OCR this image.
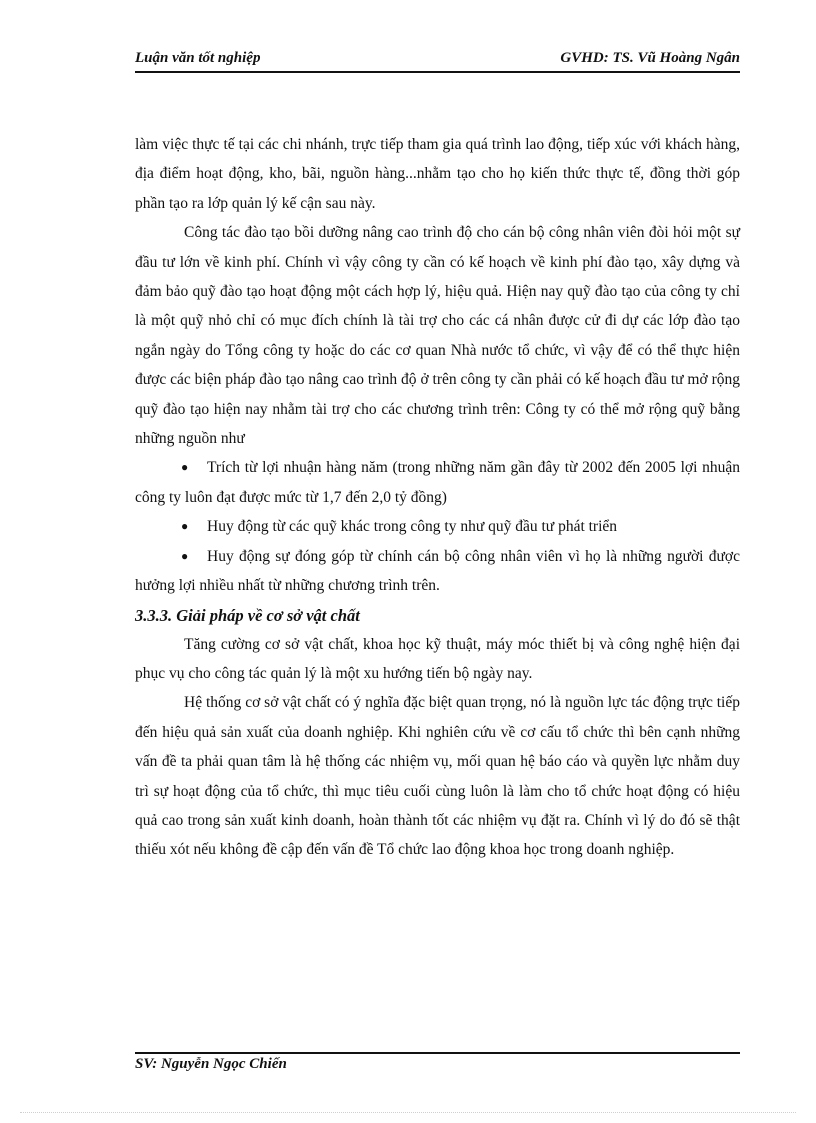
Luận văn tốt nghiệp	GVHD: TS. Vũ Hoàng Ngân

làm việc thực tế tại các chi nhánh, trực tiếp tham gia quá trình lao động, tiếp xúc với khách hàng, địa điểm hoạt động, kho, bãi, nguồn hàng...nhằm tạo cho họ kiến thức thực tế, đồng thời góp phần tạo ra lớp quản lý kế cận sau này.

Công tác đào tạo bồi dưỡng nâng cao trình độ cho cán bộ công nhân viên đòi hỏi một sự đầu tư lớn về kinh phí. Chính vì vậy công ty cần có kế hoạch về kinh phí đào tạo, xây dựng và đảm bảo quỹ đào tạo hoạt động một cách hợp lý, hiệu quả. Hiện nay quỹ đào tạo của công ty chỉ là một quỹ nhỏ chỉ có mục đích chính là tài trợ cho các cá nhân được cử đi dự các lớp đào tạo ngắn ngày do Tổng công ty hoặc do các cơ quan Nhà nước tổ chức, vì vậy để có thể thực hiện được các biện pháp đào tạo nâng cao trình độ ở trên công ty cần phải có kế hoạch đầu tư mở rộng quỹ đào tạo hiện nay nhằm tài trợ cho các chương trình trên: Công ty có thể mở rộng quỹ bằng những nguồn như

● Trích từ lợi nhuận hàng năm (trong những năm gần đây từ 2002 đến 2005 lợi nhuận công ty luôn đạt được mức từ 1,7 đến 2,0 tỷ đồng)

● Huy động từ các quỹ khác trong công ty như quỹ đầu tư phát triển

● Huy động sự đóng góp từ chính cán bộ công nhân viên vì họ là những người được hưởng lợi nhiều nhất từ những chương trình trên.

3.3.3. Giải pháp về cơ sở vật chất

Tăng cường cơ sở vật chất, khoa học kỹ thuật, máy móc thiết bị và công nghệ hiện đại phục vụ cho công tác quản lý là một xu hướng tiến bộ ngày nay.

Hệ thống cơ sở vật chất có ý nghĩa đặc biệt quan trọng, nó là nguồn lực tác động trực tiếp đến hiệu quả sản xuất của doanh nghiệp. Khi nghiên cứu về cơ cấu tổ chức thì bên cạnh những vấn đề ta phải quan tâm là hệ thống các nhiệm vụ, mối quan hệ báo cáo và quyền lực nhằm duy trì sự hoạt động của tổ chức, thì mục tiêu cuối cùng luôn là làm cho tổ chức hoạt động có hiệu quả cao trong sản xuất kinh doanh, hoàn thành tốt các nhiệm vụ đặt ra. Chính vì lý do đó sẽ thật thiếu xót nếu không đề cập đến vấn đề Tổ chức lao động khoa học trong doanh nghiệp.

SV: Nguyễn Ngọc Chiến
